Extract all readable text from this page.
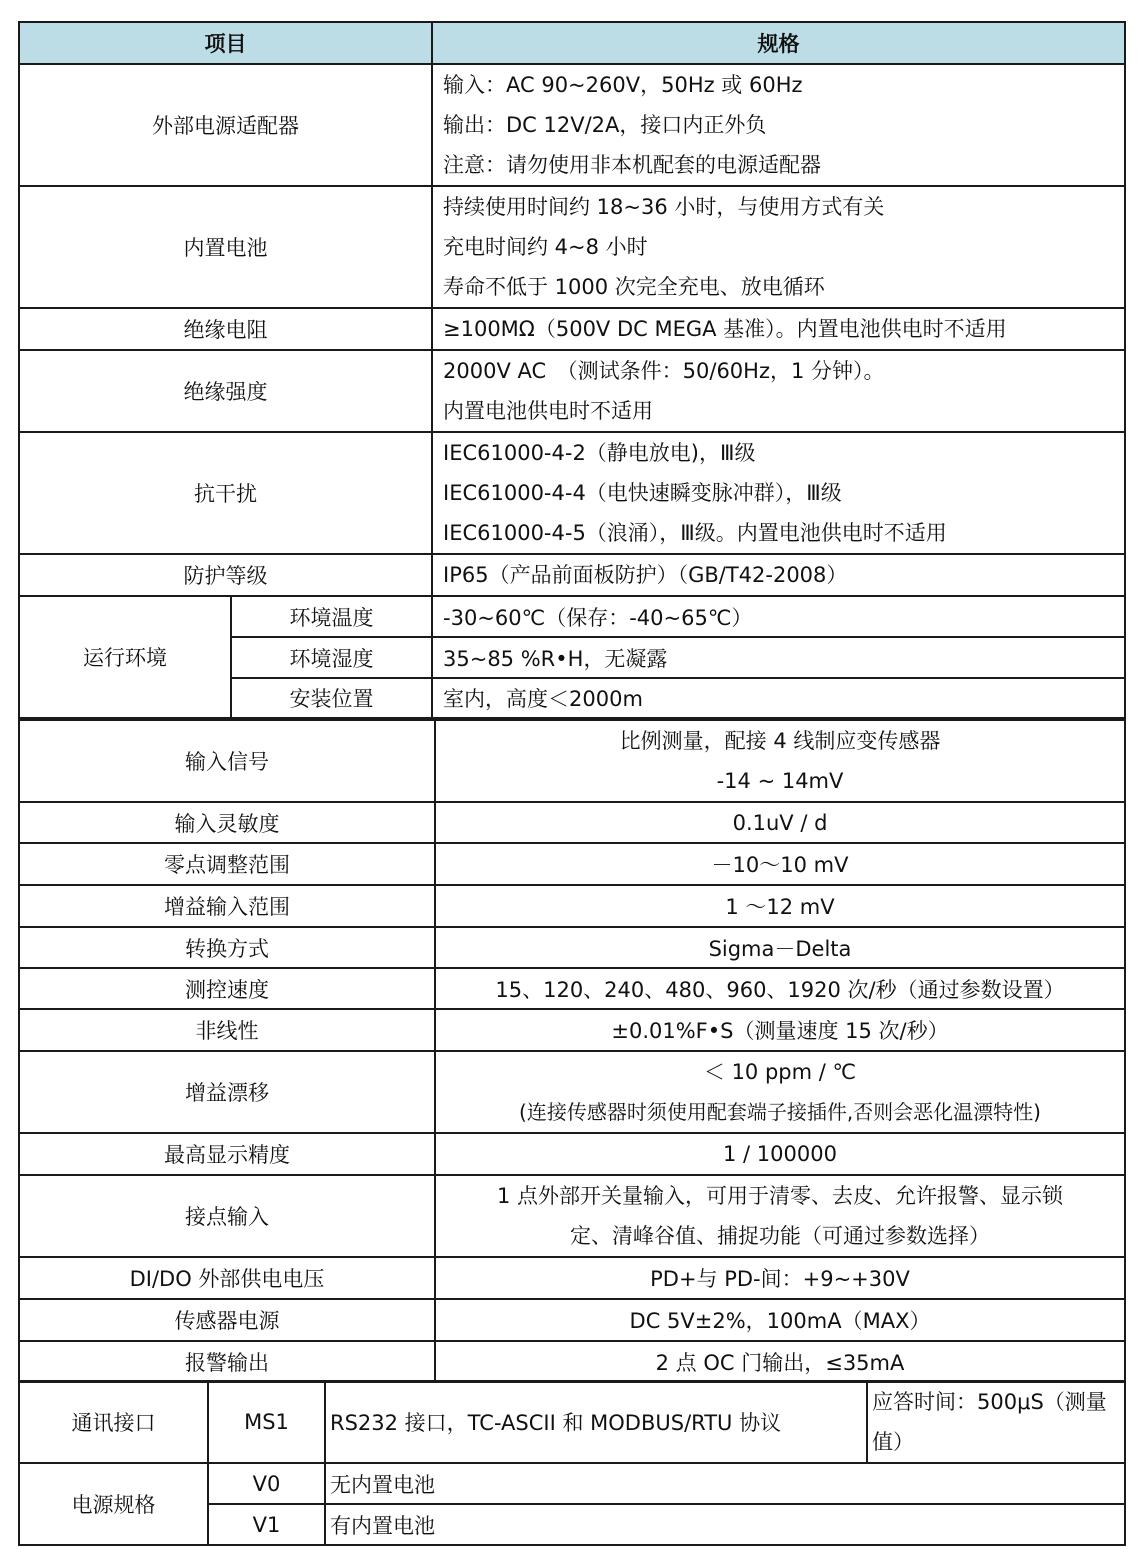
项目		规格
外部电源适配器		输入：AC 90~260V，50Hz 或 60Hz
输出：DC 12V/2A，接口内正外负
注意：请勿使用非本机配套的电源适配器

内置电池		持续使用时间约 18~36 小时，与使用方式有关
充电时间约 4~8 小时
寿命不低于 1000 次完全充电、放电循环

绝缘电阻		≥100MΩ（500V DC MEGA 基准）。内置电池供电时不适用

绝缘强度		2000V AC　（测试条件：50/60Hz，1 分钟）。
内置电池供电时不适用

抗干扰		IEC61000-4-2（静电放电)，Ⅲ级
IEC61000-4-4（电快速瞬变脉冲群），Ⅲ级
IEC61000-4-5（浪涌），Ⅲ级。内置电池供电时不适用

防护等级		IP65（产品前面板防护）（GB/T42-2008）

运行环境	环境温度	-30~60℃（保存：-40~65℃）
	环境湿度	35~85 %R•H，无凝露
	安装位置	室内，高度＜2000m
输入信号	比例测量，配接 4 线制应变传感器
-14 ~ 14mV

输入灵敏度	0.1uV / d
零点调整范围	－10～10 mV
增益输入范围	1 ～12 mV
转换方式	Sigma－Delta
测控速度	15、120、240、480、960、1920 次/秒（通过参数设置）
非线性	±0.01%F•S（测量速度 15 次/秒）
增益漂移	＜ 10 ppm / ℃
(连接传感器时须使用配套端子接插件,否则会恶化温漂特性)

最高显示精度	1 / 100000
接点输入	1 点外部开关量输入，可用于清零、去皮、允许报警、显示锁
定、清峰谷值、捕捉功能（可通过参数选择）

DI/DO 外部供电电压	PD+与 PD-间：+9~+30V
传感器电源	DC 5V±2%，100mA（MAX）
报警输出	2 点 OC 门输出，≤35mA
通讯接口	MS1	RS232 接口，TC-ASCII 和 MODBUS/RTU 协议	应答时间：500μS（测量值）
电源规格	V0	无内置电池	
	V1	有内置电池	
